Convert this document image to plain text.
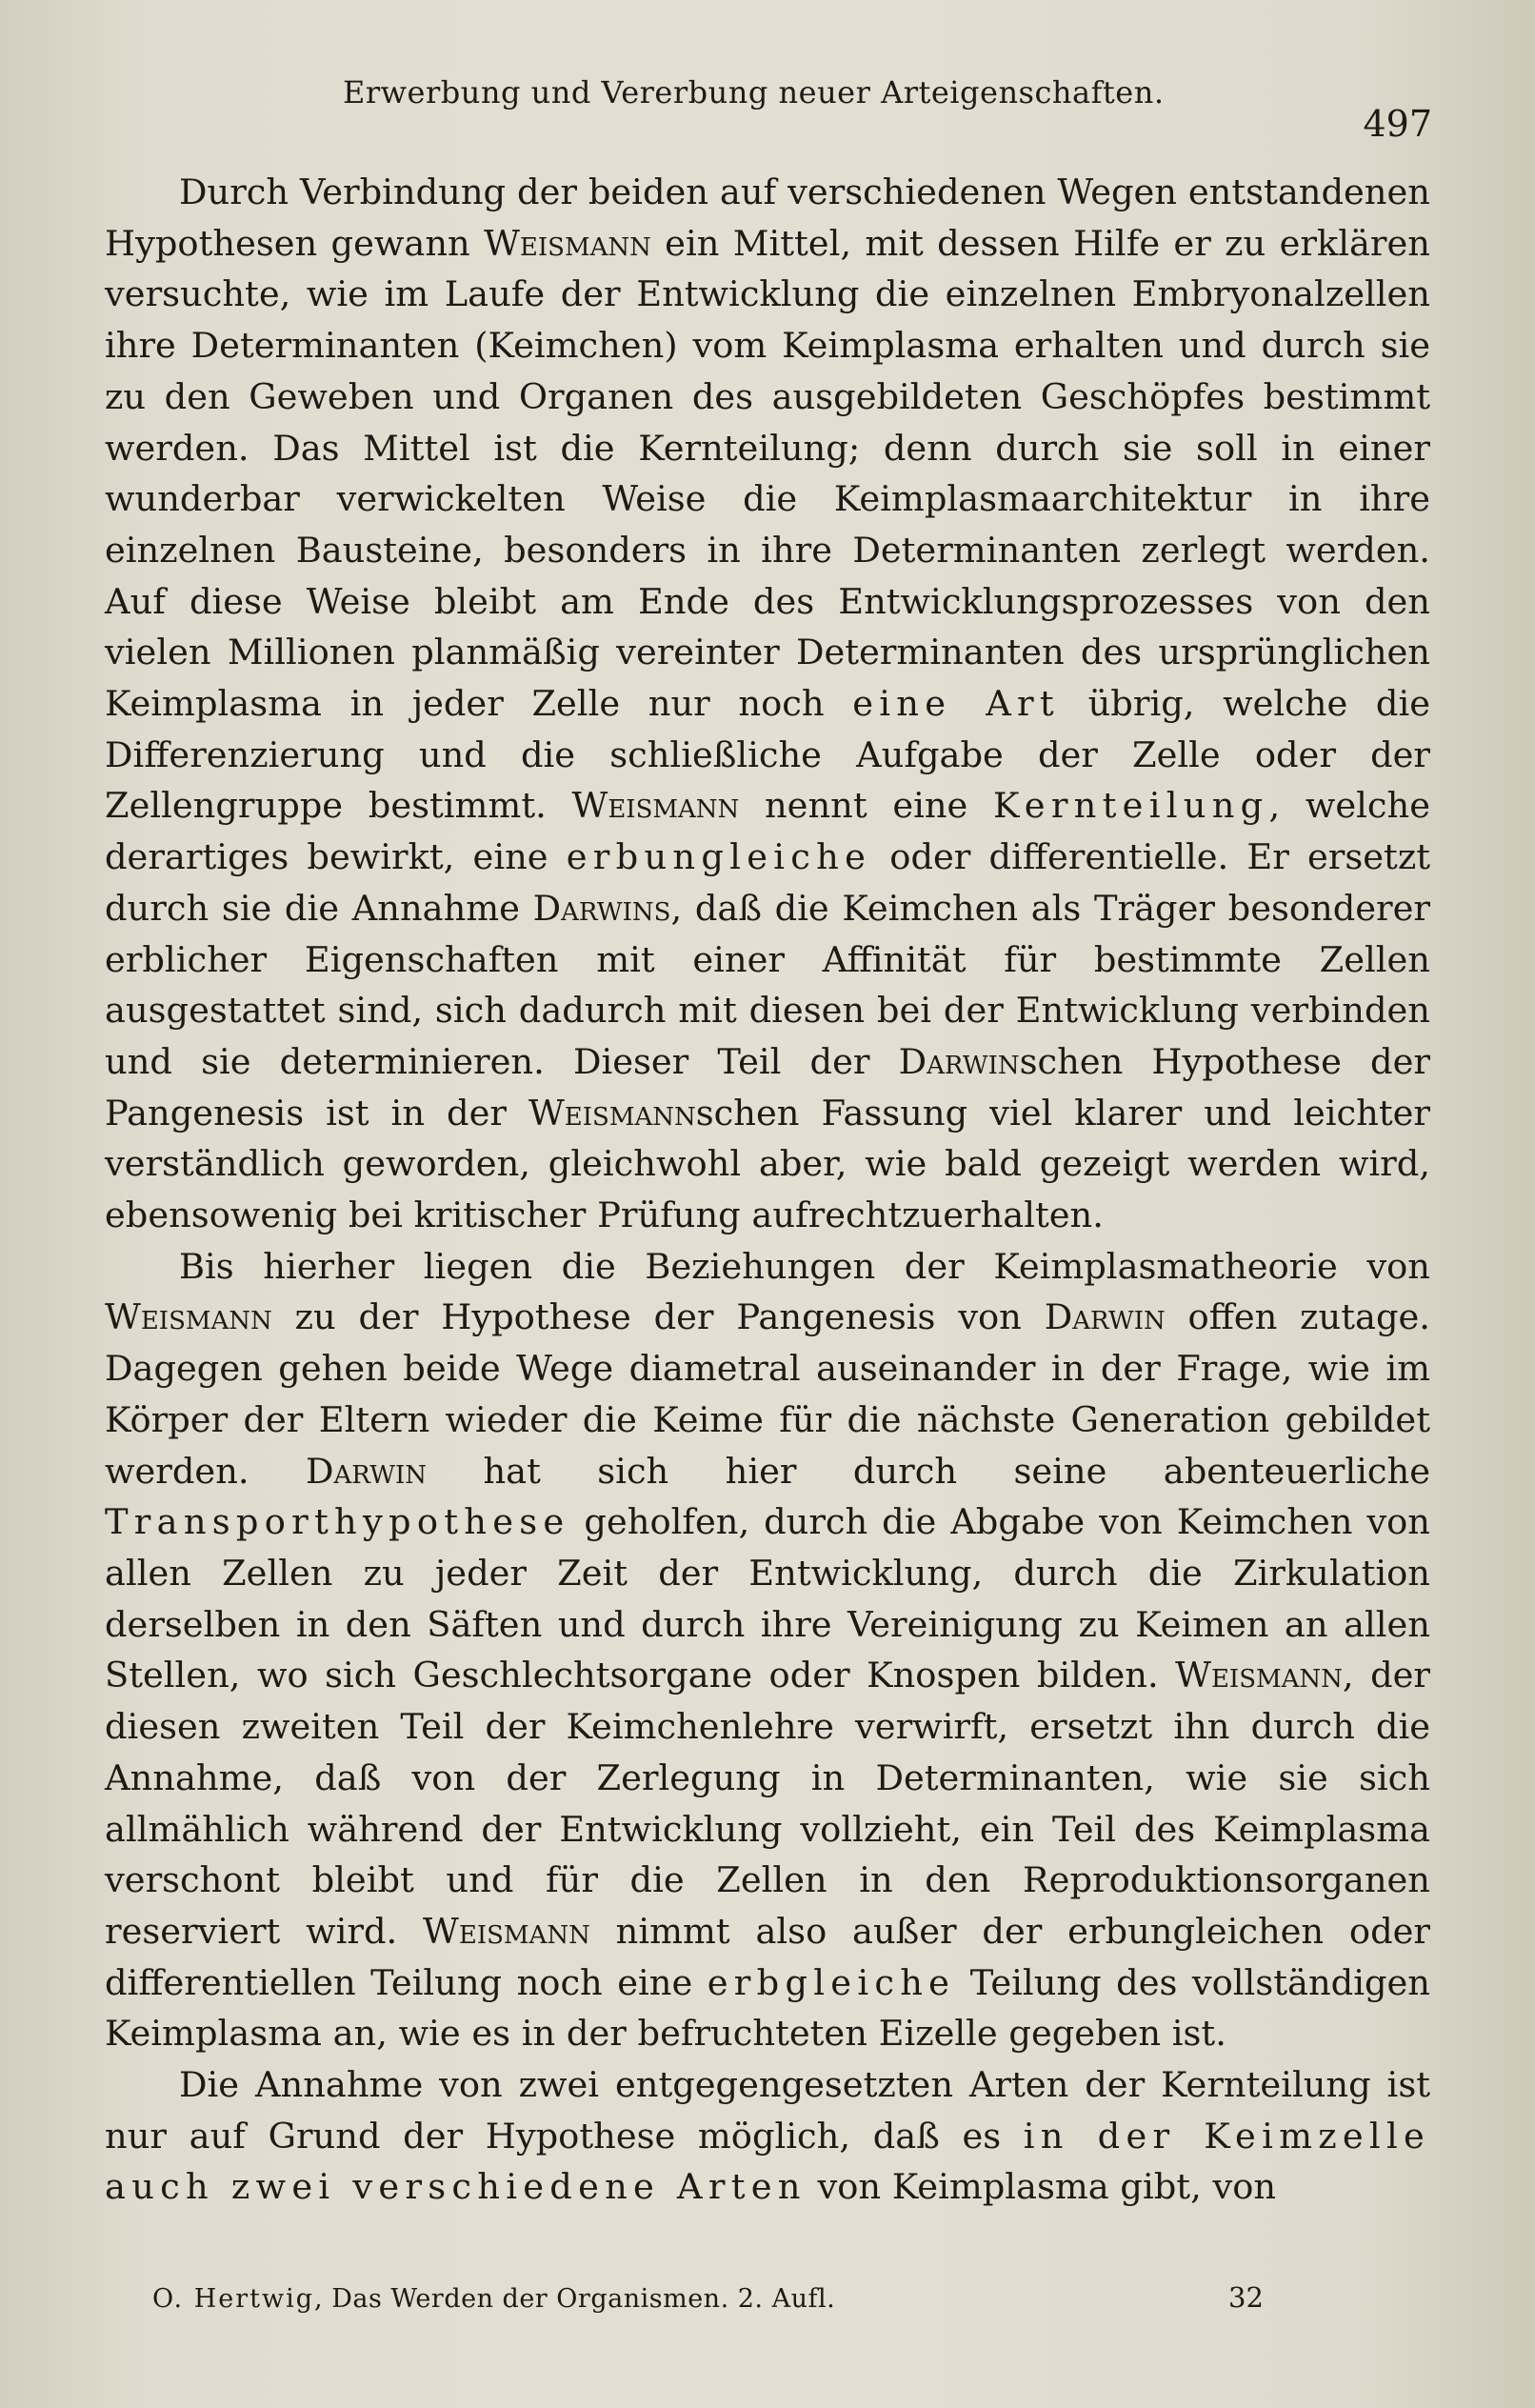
Erwerbung und Vererbung neuer Arteigenschaften.
497

Durch Verbindung der beiden auf verschiedenen Wegen entstandenen Hypothesen gewann Weismann ein Mittel, mit dessen Hilfe er zu erklären versuchte, wie im Laufe der Entwicklung die einzelnen Embryonalzellen ihre Determinanten (Keimchen) vom Keimplasma erhalten und durch sie zu den Geweben und Organen des ausgebildeten Geschöpfes bestimmt werden. Das Mittel ist die Kernteilung; denn durch sie soll in einer wunderbar verwickelten Weise die Keimplasmaarchitektur in ihre einzelnen Bausteine, besonders in ihre Determinanten zerlegt werden. Auf diese Weise bleibt am Ende des Entwicklungsprozesses von den vielen Millionen planmäßig vereinter Determinanten des ursprünglichen Keimplasma in jeder Zelle nur noch eine Art übrig, welche die Differenzierung und die schließliche Aufgabe der Zelle oder der Zellengruppe bestimmt. Weismann nennt eine Kernteilung, welche derartiges bewirkt, eine erbungleiche oder differentielle. Er ersetzt durch sie die Annahme Darwins, daß die Keimchen als Träger besonderer erblicher Eigenschaften mit einer Affinität für bestimmte Zellen ausgestattet sind, sich dadurch mit diesen bei der Entwicklung verbinden und sie determinieren. Dieser Teil der Darwinschen Hypothese der Pangenesis ist in der Weismannschen Fassung viel klarer und leichter verständlich geworden, gleichwohl aber, wie bald gezeigt werden wird, ebensowenig bei kritischer Prüfung aufrechtzuerhalten.

Bis hierher liegen die Beziehungen der Keimplasmatheorie von Weismann zu der Hypothese der Pangenesis von Darwin offen zutage. Dagegen gehen beide Wege diametral auseinander in der Frage, wie im Körper der Eltern wieder die Keime für die nächste Generation gebildet werden. Darwin hat sich hier durch seine abenteuerliche Transporthypothese geholfen, durch die Abgabe von Keimchen von allen Zellen zu jeder Zeit der Entwicklung, durch die Zirkulation derselben in den Säften und durch ihre Vereinigung zu Keimen an allen Stellen, wo sich Geschlechtsorgane oder Knospen bilden. Weismann, der diesen zweiten Teil der Keimchenlehre verwirft, ersetzt ihn durch die Annahme, daß von der Zerlegung in Determinanten, wie sie sich allmählich während der Entwicklung vollzieht, ein Teil des Keimplasma verschont bleibt und für die Zellen in den Reproduktionsorganen reserviert wird. Weismann nimmt also außer der erbungleichen oder differentiellen Teilung noch eine erbgleiche Teilung des vollständigen Keimplasma an, wie es in der befruchteten Eizelle gegeben ist.

Die Annahme von zwei entgegengesetzten Arten der Kernteilung ist nur auf Grund der Hypothese möglich, daß es in der Keimzelle auch zwei verschiedene Arten von Keimplasma gibt, von

O. Hertwig, Das Werden der Organismen. 2. Aufl.	32
